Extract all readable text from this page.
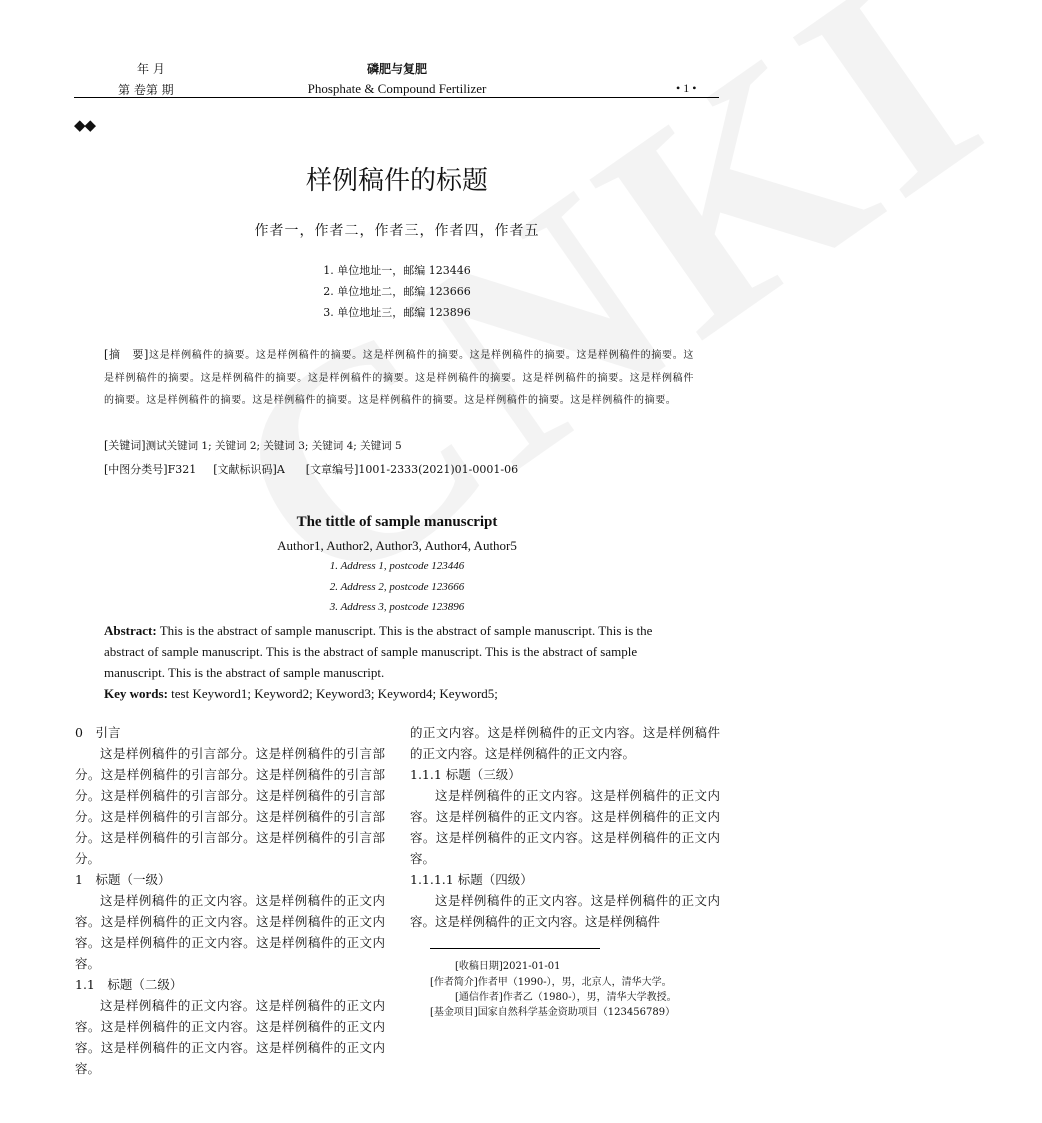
年 月
第 卷第 期
磷肥与复肥
Phosphate & Compound Fertilizer	• 1 •
◆◆
样例稿件的标题
作者一，作者二，作者三，作者四，作者五
1. 单位地址一，邮编 123446
2. 单位地址二，邮编 123666
3. 单位地址三，邮编 123896
[摘　要]这是样例稿件的摘要。这是样例稿件的摘要。这是样例稿件的摘要。这是样例稿件的摘要。这是样例稿件的摘要。这是样例稿件的摘要。这是样例稿件的摘要。这是样例稿件的摘要。这是样例稿件的摘要。这是样例稿件的摘要。这是样例稿件的摘要。这是样例稿件的摘要。这是样例稿件的摘要。这是样例稿件的摘要。这是样例稿件的摘要。这是样例稿件的摘要。
[关键词]测试关键词 1; 关键词 2; 关键词 3; 关键词 4; 关键词 5
[中图分类号]F321 [文献标识码]A [文章编号]1001-2333(2021)01-0001-06
The tittle of sample manuscript
Author1, Author2, Author3, Author4, Author5
1. Address 1, postcode 123446
2. Address 2, postcode 123666
3. Address 3, postcode 123896
Abstract: This is the abstract of sample manuscript. This is the abstract of sample manuscript. This is the abstract of sample manuscript. This is the abstract of sample manuscript. This is the abstract of sample manuscript. This is the abstract of sample manuscript.
Key words: test Keyword1; Keyword2; Keyword3; Keyword4; Keyword5;

0　引言

这是样例稿件的引言部分。这是样例稿件的引言部分。这是样例稿件的引言部分。这是样例稿件的引言部分。这是样例稿件的引言部分。这是样例稿件的引言部分。这是样例稿件的引言部分。这是样例稿件的引言部分。这是样例稿件的引言部分。这是样例稿件的引言部分。

1　标题（一级）

这是样例稿件的正文内容。这是样例稿件的正文内容。这是样例稿件的正文内容。这是样例稿件的正文内容。这是样例稿件的正文内容。这是样例稿件的正文内容。

1.1　标题（二级）

这是样例稿件的正文内容。这是样例稿件的正文内容。这是样例稿件的正文内容。这是样例稿件的正文内容。这是样例稿件的正文内容。这是样例稿件的正文内容。

的正文内容。这是样例稿件的正文内容。这是样例稿件的正文内容。这是样例稿件的正文内容。

1.1.1 标题（三级）

这是样例稿件的正文内容。这是样例稿件的正文内容。这是样例稿件的正文内容。这是样例稿件的正文内容。这是样例稿件的正文内容。这是样例稿件的正文内容。

1.1.1.1 标题（四级）

这是样例稿件的正文内容。这是样例稿件的正文内容。这是样例稿件的正文内容。这是样例稿件

[收稿日期]2021-01-01
[作者简介]作者甲（1990-），男，北京人，清华大学。
[通信作者]作者乙（1980-），男，清华大学教授。
[基金项目]国家自然科学基金资助项目（123456789）
